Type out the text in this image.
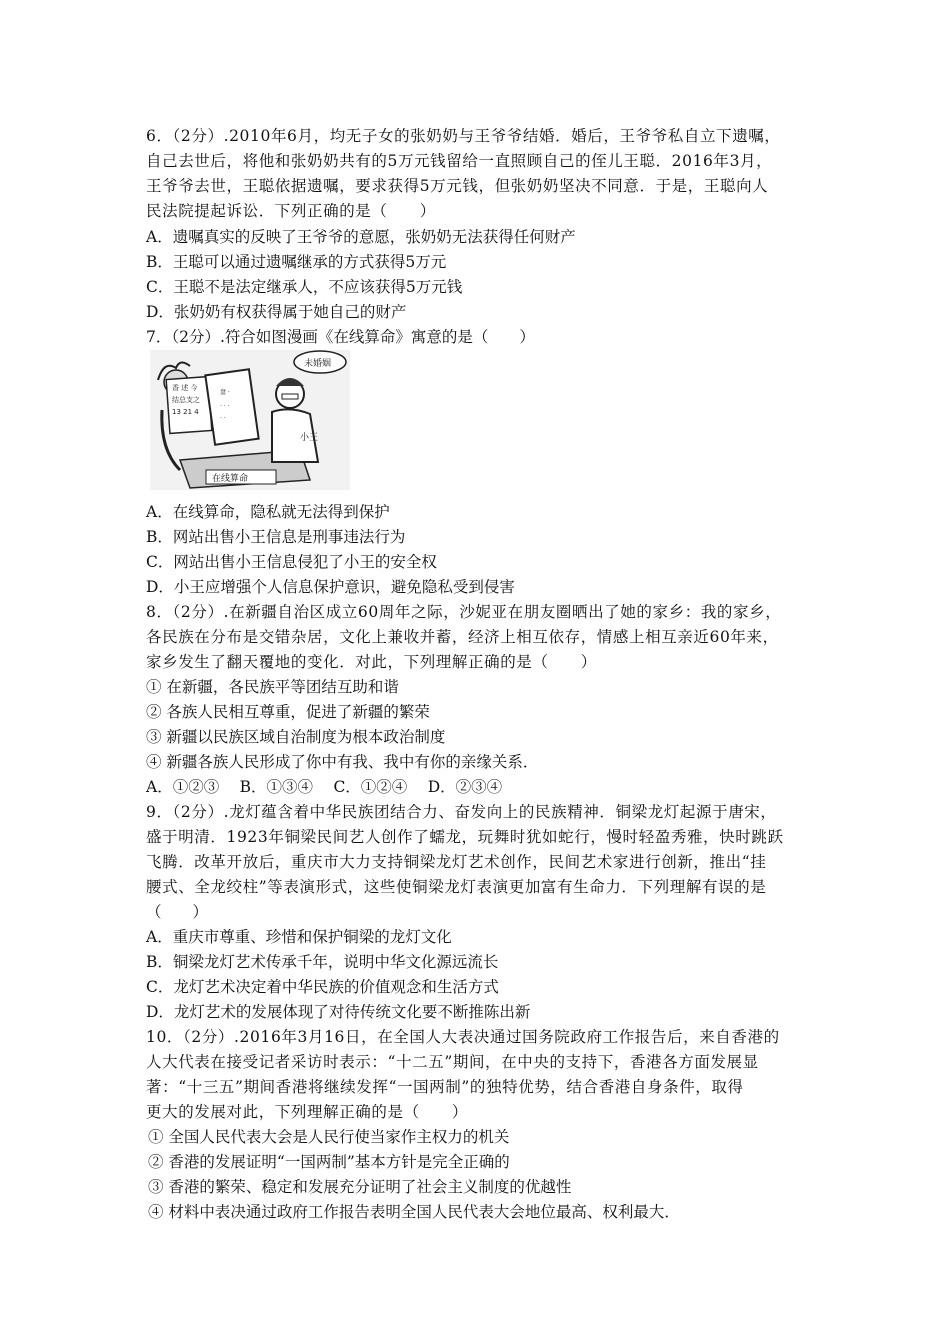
6．（2分）.2010年6月，均无子女的张奶奶与王爷爷结婚．婚后，王爷爷私自立下遗嘱，
自己去世后，将他和张奶奶共有的5万元钱留给一直照顾自己的侄儿王聪．2016年3月，
王爷爷去世，王聪依据遗嘱，要求获得5万元钱，但张奶奶坚决不同意．于是，王聪向人
民法院提起诉讼．下列正确的是（　　）
A．遗嘱真实的反映了王爷爷的意愿，张奶奶无法获得任何财产
B．王聪可以通过遗嘱继承的方式获得5万元
C．王聪不是法定继承人，不应该获得5万元钱
D．张奶奶有权获得属于她自己的财产
7．（2分）.符合如图漫画《在线算命》寓意的是（　　）
香 述 今
结总支之
13 21 4
盘 ·
· · ·
· ·
在线算命
小王
未婚姻
A．在线算命，隐私就无法得到保护
B．网站出售小王信息是刑事违法行为
C．网站出售小王信息侵犯了小王的安全权
D．小王应增强个人信息保护意识，避免隐私受到侵害
8．（2分）.在新疆自治区成立60周年之际，沙妮亚在朋友圈晒出了她的家乡：我的家乡，
各民族在分布是交错杂居，文化上兼收并蓄，经济上相互依存，情感上相互亲近60年来，
家乡发生了翻天覆地的变化．对此，下列理解正确的是（　　）
① 在新疆，各民族平等团结互助和谐
② 各族人民相互尊重，促进了新疆的繁荣
③ 新疆以民族区域自治制度为根本政治制度
④ 新疆各族人民形成了你中有我、我中有你的亲缘关系．
A．①②③　 B．①③④　 C．①②④　 D．②③④
9．（2分）.龙灯蕴含着中华民族团结合力、奋发向上的民族精神．铜梁龙灯起源于唐宋，
盛于明清．1923年铜梁民间艺人创作了蠕龙，玩舞时犹如蛇行，慢时轻盈秀雅，快时跳跃
飞腾．改革开放后，重庆市大力支持铜梁龙灯艺术创作，民间艺术家进行创新，推出“挂
腰式、全龙绞柱”等表演形式，这些使铜梁龙灯表演更加富有生命力．下列理解有误的是
（　　）
A．重庆市尊重、珍惜和保护铜梁的龙灯文化
B．铜梁龙灯艺术传承千年，说明中华文化源远流长
C．龙灯艺术决定着中华民族的价值观念和生活方式
D．龙灯艺术的发展体现了对待传统文化要不断推陈出新
10．（2分）.2016年3月16日，在全国人大表决通过国务院政府工作报告后，来自香港的
人大代表在接受记者采访时表示：“十二五”期间，在中央的支持下，香港各方面发展显
著：“十三五”期间香港将继续发挥“一国两制”的独特优势，结合香港自身条件，取得
更大的发展对此，下列理解正确的是（　　）
① 全国人民代表大会是人民行使当家作主权力的机关
② 香港的发展证明“一国两制”基本方针是完全正确的
③ 香港的繁荣、稳定和发展充分证明了社会主义制度的优越性
④ 材料中表决通过政府工作报告表明全国人民代表大会地位最高、权利最大．
